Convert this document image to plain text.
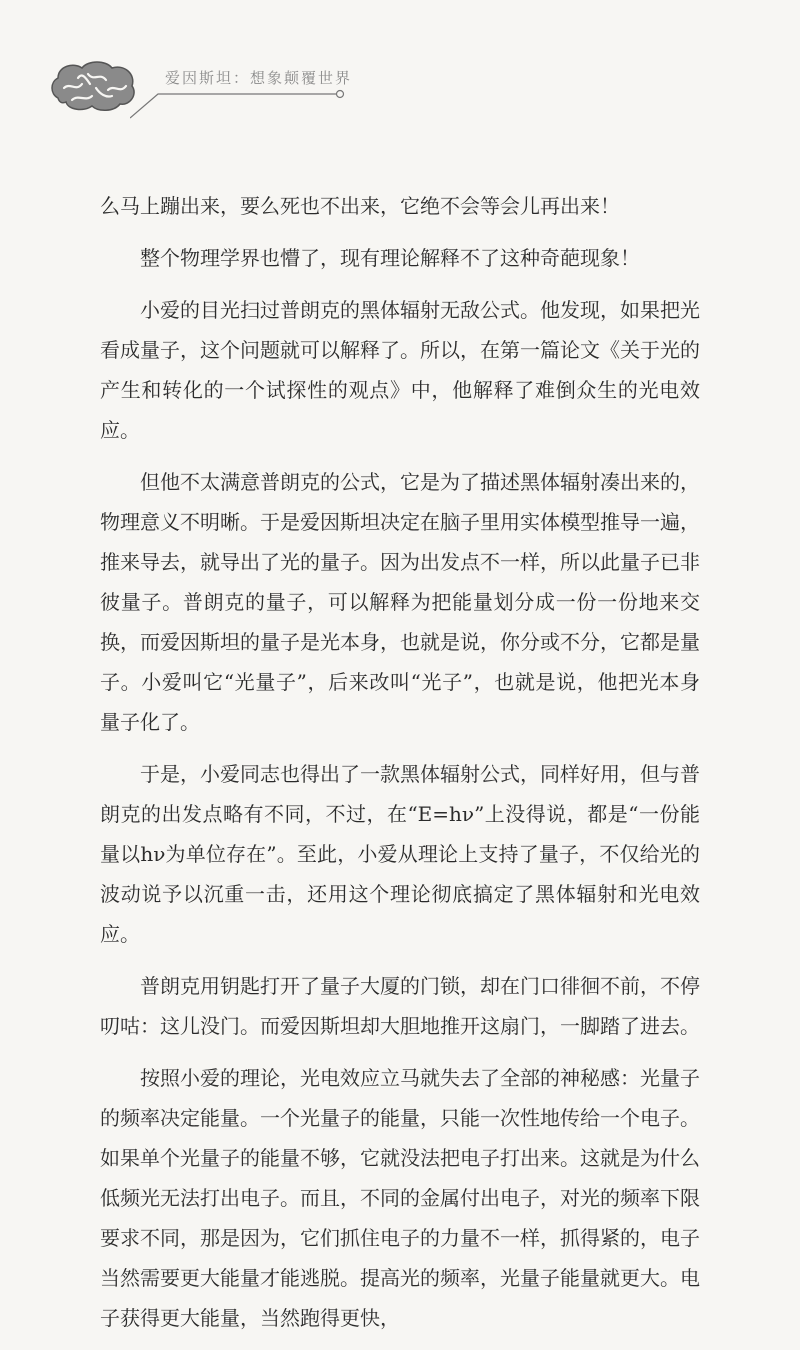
爱因斯坦：想象颠覆世界

么马上蹦出来，要么死也不出来，它绝不会等会儿再出来！

整个物理学界也懵了，现有理论解释不了这种奇葩现象！

小爱的目光扫过普朗克的黑体辐射无敌公式。他发现，如果把光看成量子，这个问题就可以解释了。所以，在第一篇论文《关于光的产生和转化的一个试探性的观点》中，他解释了难倒众生的光电效应。

但他不太满意普朗克的公式，它是为了描述黑体辐射凑出来的，物理意义不明晰。于是爱因斯坦决定在脑子里用实体模型推导一遍，推来导去，就导出了光的量子。因为出发点不一样，所以此量子已非彼量子。普朗克的量子，可以解释为把能量划分成一份一份地来交换，而爱因斯坦的量子是光本身，也就是说，你分或不分，它都是量子。小爱叫它“光量子”，后来改叫“光子”，也就是说，他把光本身量子化了。

于是，小爱同志也得出了一款黑体辐射公式，同样好用，但与普朗克的出发点略有不同，不过，在“E=hν”上没得说，都是“一份能量以hν为单位存在”。至此，小爱从理论上支持了量子，不仅给光的波动说予以沉重一击，还用这个理论彻底搞定了黑体辐射和光电效应。

普朗克用钥匙打开了量子大厦的门锁，却在门口徘徊不前，不停叨咕：这儿没门。而爱因斯坦却大胆地推开这扇门，一脚踏了进去。

按照小爱的理论，光电效应立马就失去了全部的神秘感：光量子的频率决定能量。一个光量子的能量，只能一次性地传给一个电子。如果单个光量子的能量不够，它就没法把电子打出来。这就是为什么低频光无法打出电子。而且，不同的金属付出电子，对光的频率下限要求不同，那是因为，它们抓住电子的力量不一样，抓得紧的，电子当然需要更大能量才能逃脱。提高光的频率，光量子能量就更大。电子获得更大能量，当然跑得更快，
